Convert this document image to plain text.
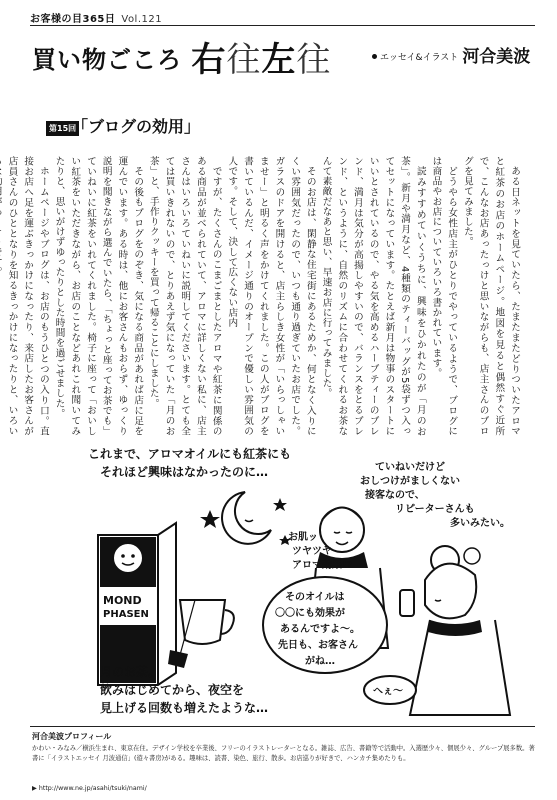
お客様の目365日 Vol.121
買い物ごころ 右往左往	エッセイ&イラスト 河合美波
第15回
「ブログの効用」

ある日ネットを見ていたら、たまたまたどりついたアロマと紅茶のお店のホームページ。地図を見ると偶然すぐ近所で、こんなお店あったっけと思いながらも、店主さんのブログを見てみました。

どうやら女性店主がひとりでやっているようで、ブログには商品やお店についていろいろ書かれています。

読みすすめていくうちに、興味をひかれたのが「月のお茶」。新月や満月など、4種類のティーバッグが5袋ずつ入ってセットになっています。たとえば新月は物事のスタートにいいとされているので、やる気を高めるハーブティーのブレンド、満月は気分が高揚しやすいので、バランスをとるブレンド、というように、自然のリズムに合わせてくれるお茶なんて素敵だなあと思い、早速お店に行ってみました。

そのお店は、閑静な住宅街にあるためか、何となく入りにくい雰囲気だったので、いつも通り過ぎていたお店でした。ガラスのドアを開けると、店主らしき女性が「いらっしゃいませー」と明るく声をかけてくれました。この人がブログを書いているんだ、イメージ通りのオープンで優しい雰囲気の人です。そして、決して広くない店内

ですが、たくさんのこまごまとしたアロマや紅茶に関係のある商品が並べられていて、アロマに詳しくない私に、店主さんはいろいろていねいに説明してくださいます。とても全ては買いきれないので、とりあえず気になっていた「月のお茶」と、手作りクッキーを買って帰ることにしました。

その後もブログをのぞき、気になる商品があれば店に足を運んでいます。ある時は、他にお客さんもおらず、ゆっくり説明を聞きながら選んでいたら、「ちょっと座ってお茶でも」ていねいに紅茶をいれてくれました。椅子に座って「おいしい紅茶をいただきながら、お店のことなどあれこれ聞いてみたりと、思いがけずゆったりとした時間を過ごせました。

ホームページやブログは、お店のもうひとつの入り口。直接お店へ足を運ぶきっかけになったり、来店したお客さんが店員さんのひととなりを知るきっかけになったりと、いろい

これまで、アロマオイルにも紅茶にも
それほど興味はなかったのに…	ていねいだけど
おしつけがましくない
接客なので、
リピーターさんも
多いみたい。
MOND
PHASEN
お肌ッ
ツヤツヤ
アロマ効果!?
そのオイルは
〇〇にも効果が
あるんですよ～。
先日も、お客さん
がね…
へぇ～
月のお茶。
飲みはじめてから、夜空を
見上げる回数も増えたような…
河合美波プロフィール
かわい・みなみ／横浜生まれ、東京在住。デザイン学校を卒業後、フリーのイラストレーターとなる。雑誌、広告、書籍等で活動中。入選歴少々、個展少々、グループ展多数。著書に「イラストエッセイ 月波通信」(遊々書房)がある。趣味は、読書、染色、旅行、散歩。お店巡りが好きで、ハンカチ集めたりも。
▶ http://www.ne.jp/asahi/tsuki/nami/
